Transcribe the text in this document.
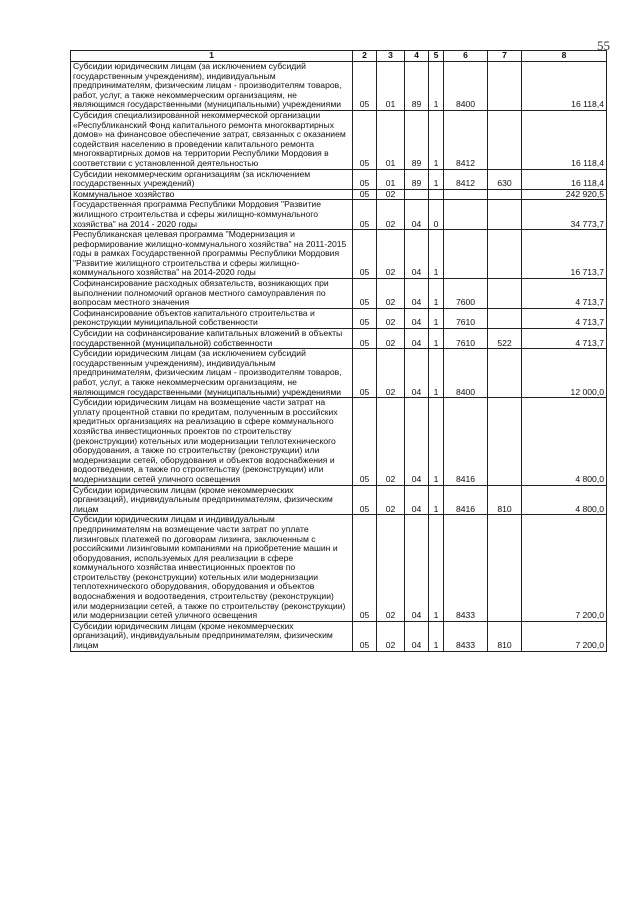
55
1	2	3	4	5	6	7	8
Субсидии юридическим лицам (за исключением субсидий государственным учреждениям), индивидуальным предпринимателям, физическим лицам - производителям товаров, работ, услуг, а также некоммерческим организациям, не являющимся государственными (муниципальными) учреждениями	05	01	89	1	8400		16 118,4
Субсидия специализированной некоммерческой организации «Республиканский Фонд капитального ремонта многоквартирных домов» на финансовое обеспечение затрат, связанных с оказанием содействия населению в проведении капитального ремонта многоквартирных домов на территории Республики Мордовия в соответствии с установленной деятельностью	05	01	89	1	8412		16 118,4
Субсидии некоммерческим организациям (за исключением государственных учреждений)	05	01	89	1	8412	630	16 118,4
Коммунальное хозяйство	05	02					242 920,5
Государственная программа Республики Мордовия "Развитие жилищного строительства и сферы жилищно-коммунального хозяйства" на 2014 - 2020 годы	05	02	04	0			34 773,7
Республиканская целевая программа "Модернизация и реформирование жилищно-коммунального хозяйства" на 2011-2015 годы в рамках Государственной программы Республики Мордовия "Развитие жилищного строительства и сферы жилищно-коммунального хозяйства" на 2014-2020 годы	05	02	04	1			16 713,7
Софинансирование расходных обязательств, возникающих при выполнении полномочий органов местного самоуправления по вопросам местного значения	05	02	04	1	7600		4 713,7
Софинансирование объектов капитального строительства и реконструкции муниципальной собственности	05	02	04	1	7610		4 713,7
Субсидии на софинансирование капитальных вложений в объекты государственной (муниципальной) собственности	05	02	04	1	7610	522	4 713,7
Субсидии юридическим лицам (за исключением субсидий государственным учреждениям), индивидуальным предпринимателям, физическим лицам - производителям товаров, работ, услуг, а также некоммерческим организациям, не являющимся государственными (муниципальными) учреждениями	05	02	04	1	8400		12 000,0
Субсидии юридическим лицам на возмещение части затрат на уплату процентной ставки по кредитам, полученным в российских кредитных организациях на реализацию в сфере коммунального хозяйства инвестиционных проектов по строительству (реконструкции) котельных или модернизации теплотехнического оборудования, а также по строительству (реконструкции) или модернизации сетей, оборудования и объектов водоснабжения и водоотведения, а также по строительству (реконструкции) или модернизации сетей уличного освещения	05	02	04	1	8416		4 800,0
Субсидии юридическим лицам (кроме некоммерческих организаций), индивидуальным предпринимателям, физическим лицам	05	02	04	1	8416	810	4 800,0
Субсидии юридическим лицам и индивидуальным предпринимателям на возмещение части затрат по уплате лизинговых платежей по договорам лизинга, заключенным с российскими лизинговыми компаниями на приобретение машин и оборудования, используемых для реализации в сфере коммунального хозяйства инвестиционных проектов по строительству (реконструкции) котельных или модернизации теплотехнического оборудования, оборудования и объектов водоснабжения и водоотведения, строительству (реконструкции) или модернизации сетей, а также по строительству (реконструкции) или модернизации сетей уличного освещения	05	02	04	1	8433		7 200,0
Субсидии юридическим лицам (кроме некоммерческих организаций), индивидуальным предпринимателям, физическим лицам	05	02	04	1	8433	810	7 200,0
